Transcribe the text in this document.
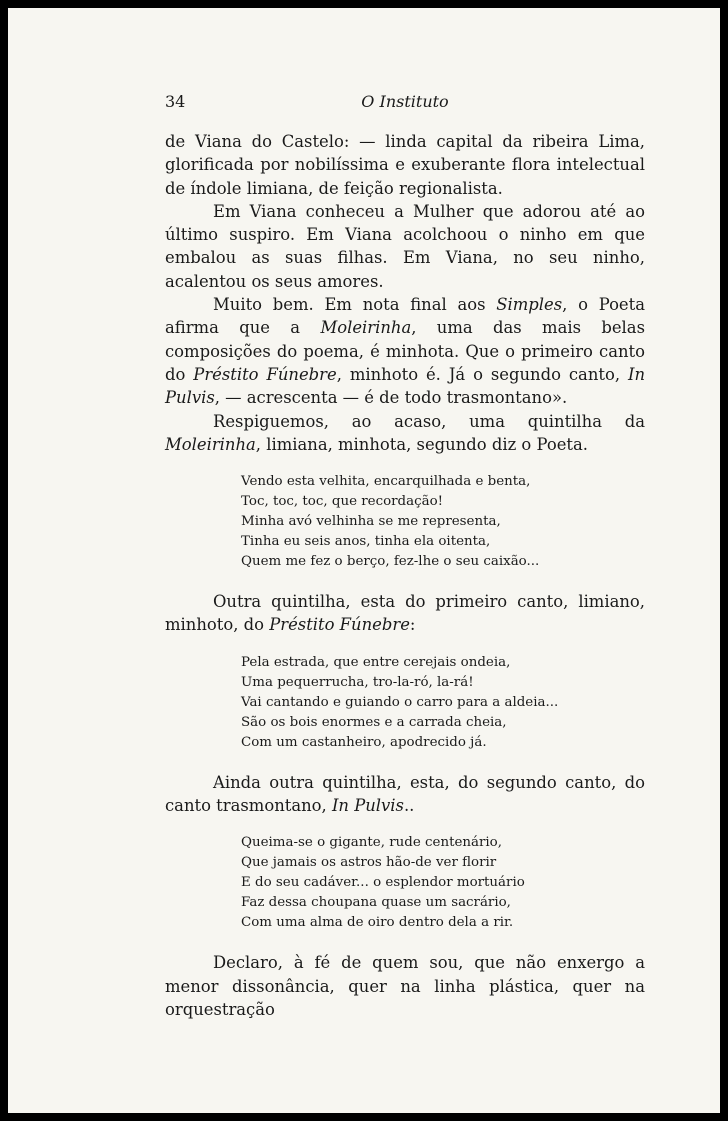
34	O Instituto

de Viana do Castelo: — linda capital da ribeira Lima, glorificada por nobilíssima e exuberante flora intelectual de índole limiana, de feição regionalista.

Em Viana conheceu a Mulher que adorou até ao último suspiro. Em Viana acolchoou o ninho em que embalou as suas filhas. Em Viana, no seu ninho, acalentou os seus amores.

Muito bem. Em nota final aos Simples, o Poeta afirma que a Moleirinha, uma das mais belas composições do poema, é minhota. Que o primeiro canto do Préstito Fúnebre, minhoto é. Já o segundo canto, In Pulvis, — acrescenta — é de todo trasmontano».

Respiguemos, ao acaso, uma quintilha da Moleirinha, limiana, minhota, segundo diz o Poeta.

Vendo esta velhita, encarquilhada e benta,
Toc, toc, toc, que recordação!
Minha avó velhinha se me representa,
Tinha eu seis anos, tinha ela oitenta,
Quem me fez o berço, fez-lhe o seu caixão...

Outra quintilha, esta do primeiro canto, limiano, minhoto, do Préstito Fúnebre:

Pela estrada, que entre cerejais ondeia,
Uma pequerrucha, tro-la-ró, la-rá!
Vai cantando e guiando o carro para a aldeia...
São os bois enormes e a carrada cheia,
Com um castanheiro, apodrecido já.

Ainda outra quintilha, esta, do segundo canto, do canto trasmontano, In Pulvis..

Queima-se o gigante, rude centenário,
Que jamais os astros hão-de ver florir
E do seu cadáver... o esplendor mortuário
Faz dessa choupana quase um sacrário,
Com uma alma de oiro dentro dela a rir.

Declaro, à fé de quem sou, que não enxergo a menor dissonância, quer na linha plástica, quer na orquestração
